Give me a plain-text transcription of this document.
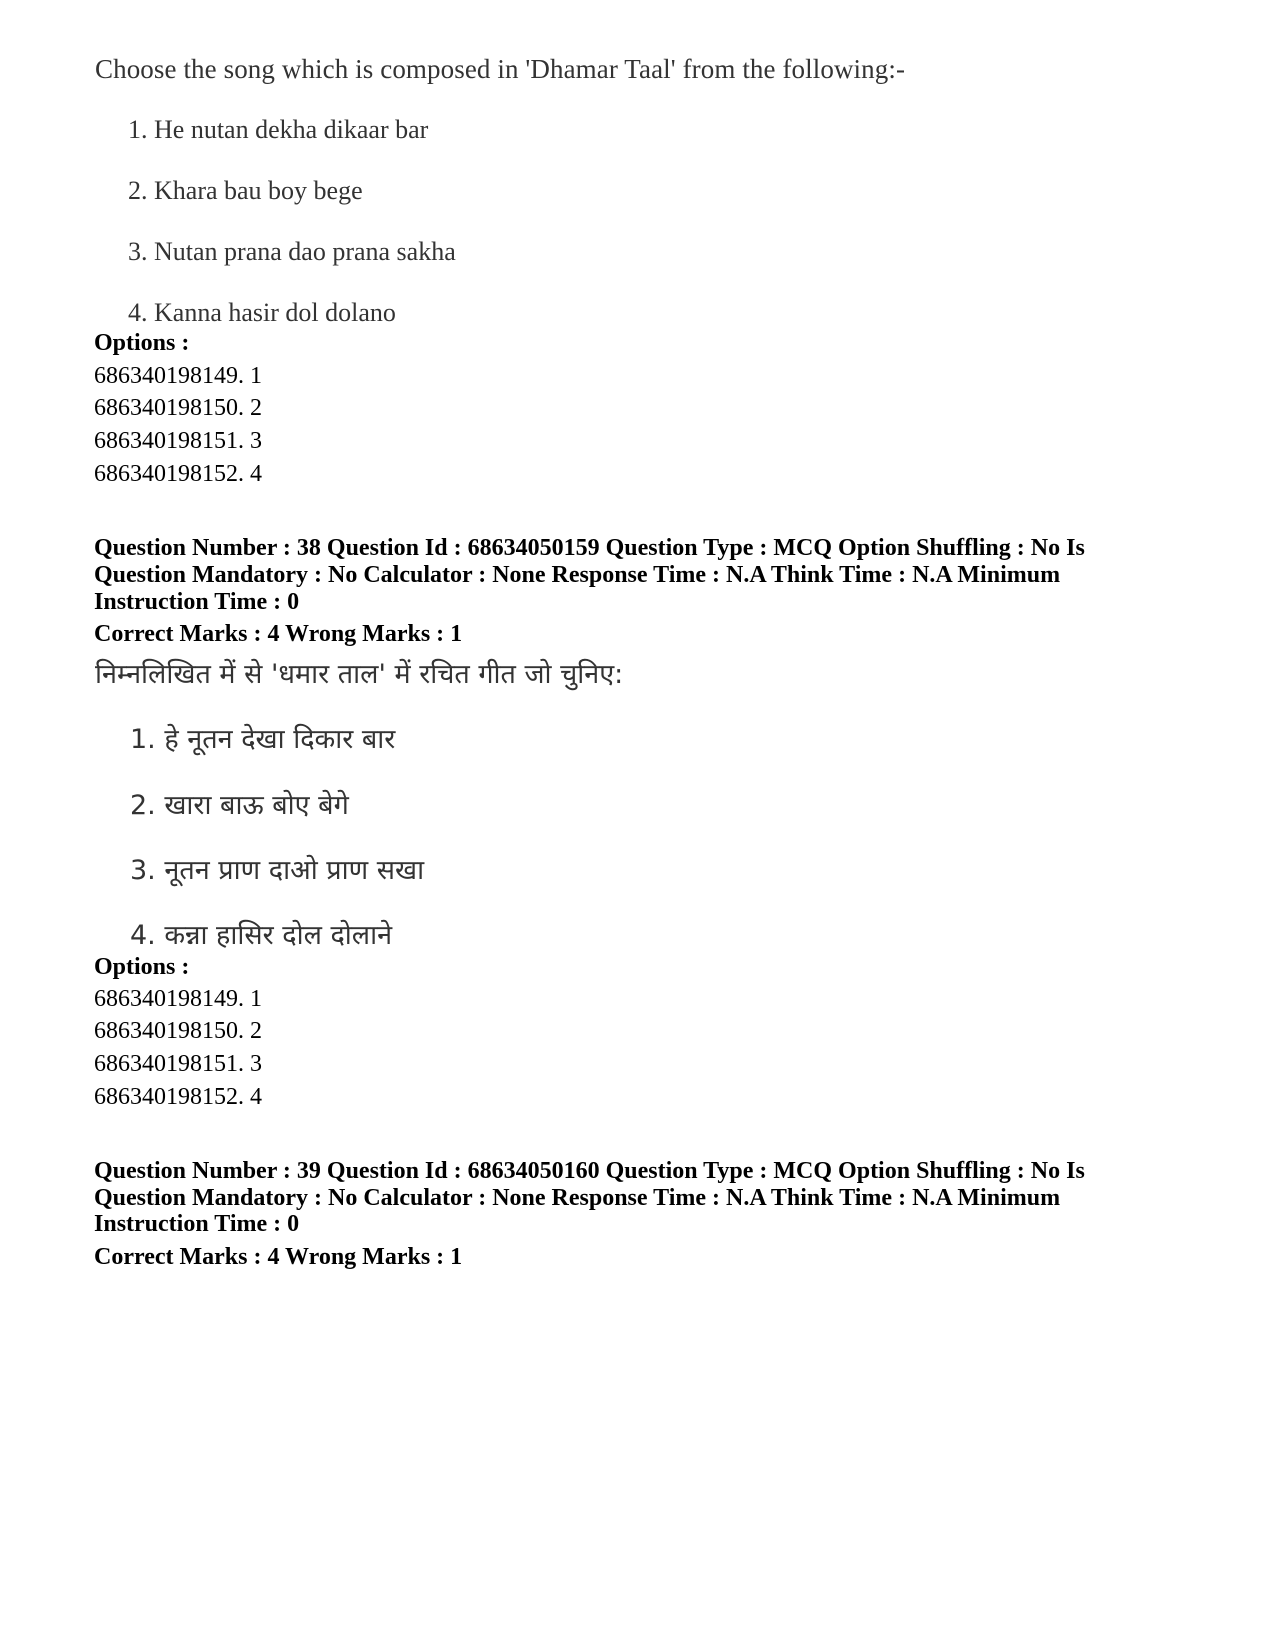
Choose the song which is composed in 'Dhamar Taal' from the following:-
1. He nutan dekha dikaar bar
2. Khara bau boy bege
3. Nutan prana dao prana sakha
4. Kanna hasir dol dolano
Options :
686340198149. 1
686340198150. 2
686340198151. 3
686340198152. 4
Question Number : 38 Question Id : 68634050159 Question Type : MCQ Option Shuffling : No Is
Question Mandatory : No Calculator : None Response Time : N.A Think Time : N.A Minimum
Instruction Time : 0
Correct Marks : 4 Wrong Marks : 1
निम्नलिखित में से 'धमार ताल' में रचित गीत जो चुनिए:
1. हे नूतन देखा दिकार बार
2. खारा बाऊ बोए बेगे
3. नूतन प्राण दाओ प्राण सखा
4. कन्ना हासिर दोल दोलाने
Options :
686340198149. 1
686340198150. 2
686340198151. 3
686340198152. 4
Question Number : 39 Question Id : 68634050160 Question Type : MCQ Option Shuffling : No Is
Question Mandatory : No Calculator : None Response Time : N.A Think Time : N.A Minimum
Instruction Time : 0
Correct Marks : 4 Wrong Marks : 1
